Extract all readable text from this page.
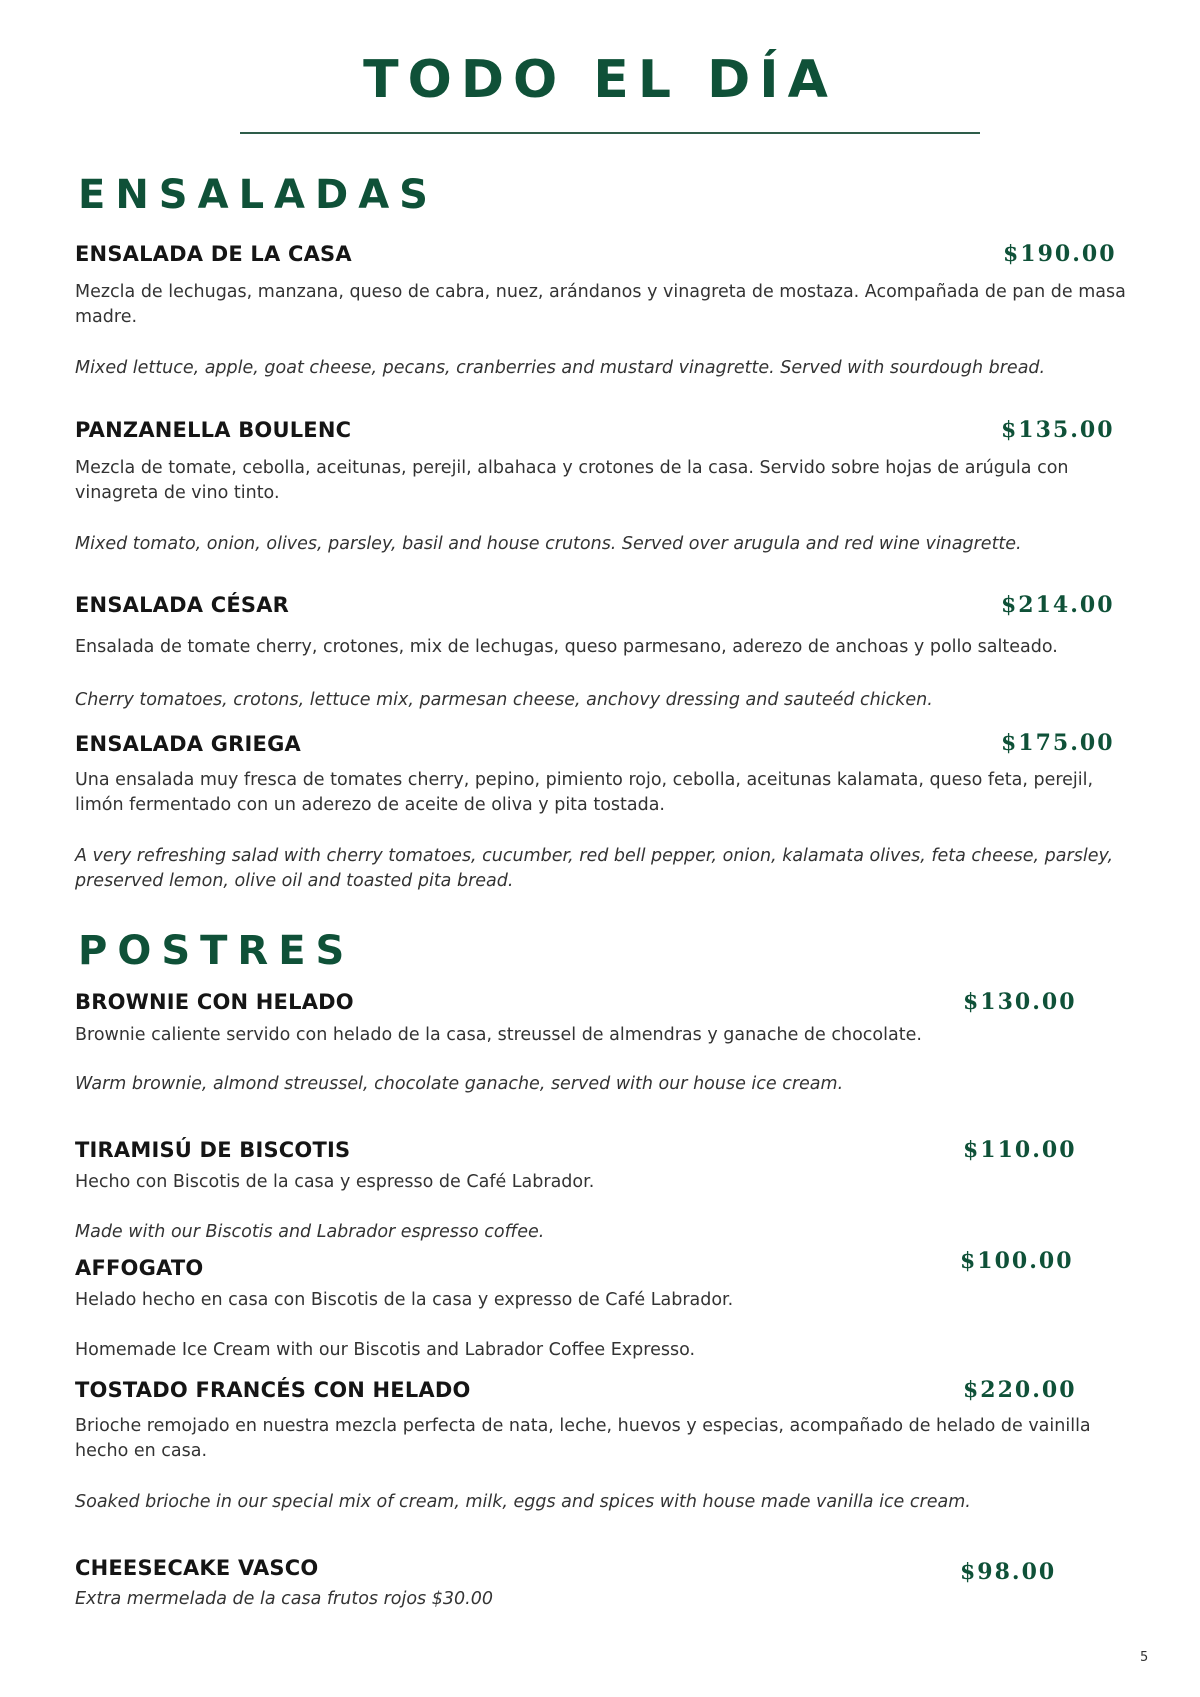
TODO EL DÍA
ENSALADAS
ENSALADA DE LA CASA	$190.00

Mezcla de lechugas, manzana, queso de cabra, nuez, arándanos y vinagreta de mostaza. Acompañada de pan de masa madre.

Mixed lettuce, apple, goat cheese, pecans, cranberries and mustard vinagrette. Served with sourdough bread.

PANZANELLA BOULENC	$135.00

Mezcla de tomate, cebolla, aceitunas, perejil, albahaca y crotones de la casa. Servido sobre hojas de arúgula con vinagreta de vino tinto.

Mixed tomato, onion, olives, parsley, basil and house crutons. Served over arugula and red wine vinagrette.

ENSALADA CÉSAR	$214.00

Ensalada de tomate cherry, crotones, mix de lechugas, queso parmesano, aderezo de anchoas y pollo salteado.

Cherry tomatoes, crotons, lettuce mix, parmesan cheese, anchovy dressing and sauteéd chicken.

ENSALADA GRIEGA	$175.00

Una ensalada muy fresca de tomates cherry, pepino, pimiento rojo, cebolla, aceitunas kalamata, queso feta, perejil, limón fermentado con un aderezo de aceite de oliva y pita tostada.

A very refreshing salad with cherry tomatoes, cucumber, red bell pepper, onion, kalamata olives, feta cheese, parsley, preserved lemon, olive oil and toasted pita bread.

POSTRES
BROWNIE CON HELADO	$130.00

Brownie caliente servido con helado de la casa, streussel de almendras y ganache de chocolate.

Warm brownie, almond streussel, chocolate ganache, served with our house ice cream.

TIRAMISÚ DE BISCOTIS	$110.00

Hecho con Biscotis de la casa y espresso de Café Labrador.

Made with our Biscotis and Labrador espresso coffee.

AFFOGATO	$100.00

Helado hecho en casa con Biscotis de la casa y expresso de Café Labrador.

Homemade Ice Cream with our Biscotis and Labrador Coffee Expresso.

TOSTADO FRANCÉS CON HELADO	$220.00

Brioche remojado en nuestra mezcla perfecta de nata, leche, huevos y especias, acompañado de helado de vainilla hecho en casa.

Soaked brioche in our special mix of cream, milk, eggs and spices with house made vanilla ice cream.

CHEESECAKE VASCO	$98.00

Extra mermelada de la casa frutos rojos $30.00

5
